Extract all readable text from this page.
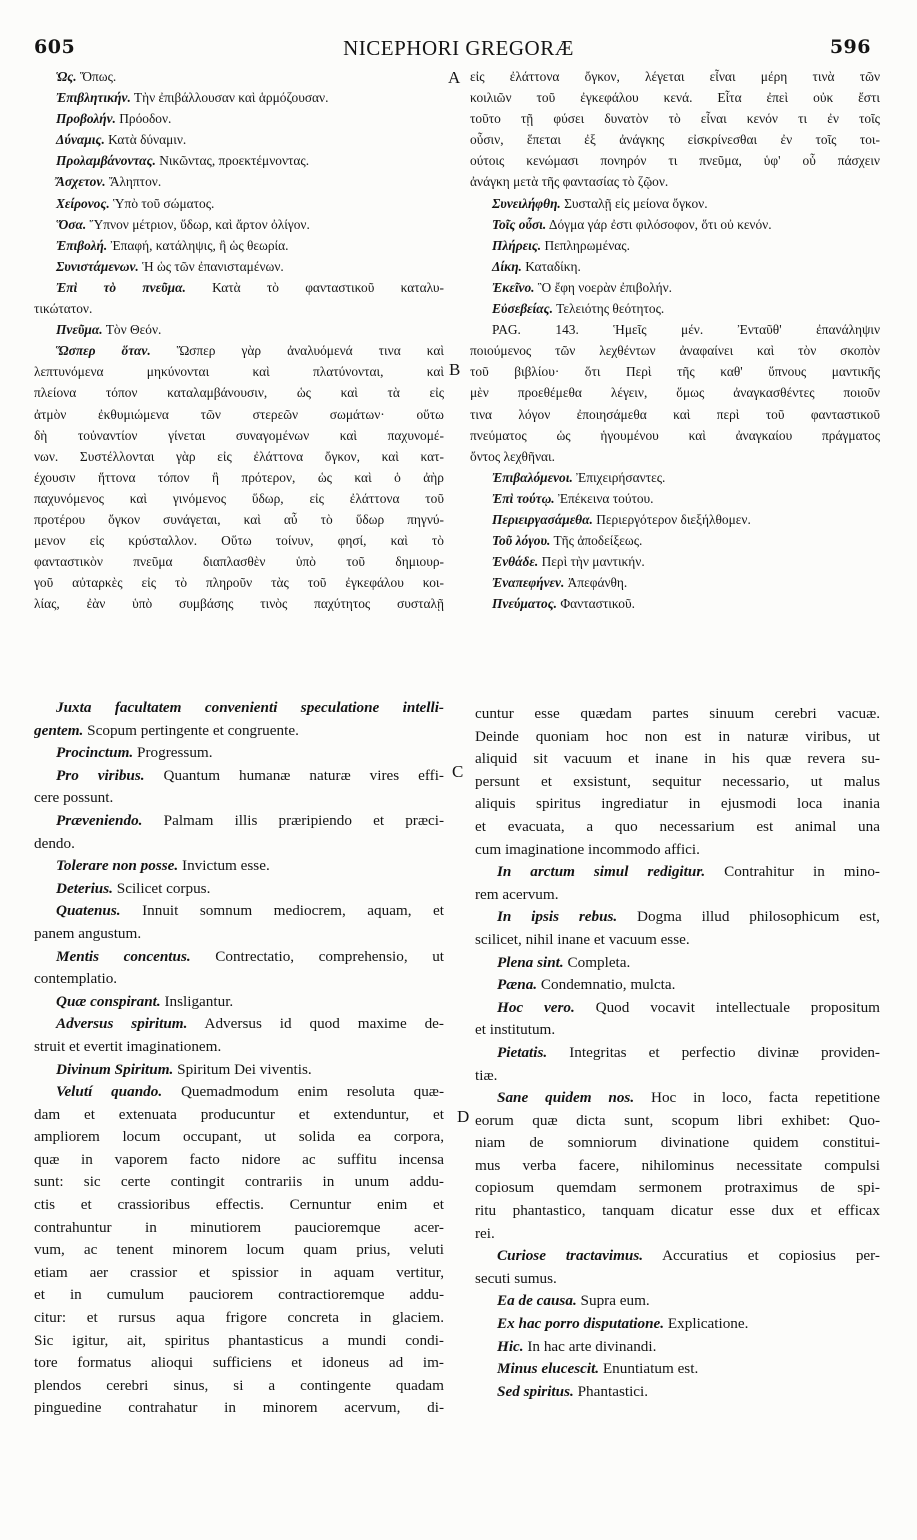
605	NICEPHORI GREGORÆ	596
Ὡς. Ὅπως.
Ἐπιβλητικήν. Τὴν ἐπιβάλλουσαν καὶ ἁρμόζουσαν.
Προβολήν. Πρόοδον.
Δύναμις. Κατὰ δύναμιν.
Προλαμβάνοντας. Νικῶντας, προεκτέμνοντας.
Ἄσχετον. Ἄληπτον.
Χείρονος. Ὑπὸ τοῦ σώματος.
Ὅσα. Ὕπνον μέτριον, ὕδωρ, καὶ ἄρτον ὀλίγον.
Ἐπιβολή. Ἐπαφή, κατάληψις, ἢ ὡς θεωρία.
Συνιστάμενων. Ἡ ὡς τῶν ἐπανισταμένων.
Ἐπὶ τὸ πνεῦμα. Κατὰ τὸ φανταστικοῦ καταλυ-
τικώτατον.
Πνεῦμα. Τὸν Θεόν.
Ὥσπερ ὅταν. Ὥσπερ γὰρ ἀναλυόμενά τινα καὶ
λεπτυνόμενα μηκύνονται καὶ πλατύνονται, καὶ
πλείονα τόπον καταλαμβάνουσιν, ὡς καὶ τὰ εἰς
ἀτμὸν ἐκθυμιώμενα τῶν στερεῶν σωμάτων· οὕτω
δὴ τοὐναντίον γίνεται συναγομένων καὶ παχυνομέ-
νων. Συστέλλονται γὰρ εἰς ἐλάττονα ὄγκον, καὶ κατ-
έχουσιν ἥττονα τόπον ἢ πρότερον, ὡς καὶ ὁ ἀὴρ
παχυνόμενος καὶ γινόμενος ὕδωρ, εἰς ἐλάττονα τοῦ
προτέρου ὄγκον συνάγεται, καὶ αὖ τὸ ὕδωρ πηγνύ-
μενον εἰς κρύσταλλον. Οὕτω τοίνυν, φησί, καὶ τὸ
φανταστικὸν πνεῦμα διαπλασθὲν ὑπὸ τοῦ δημιουρ-
γοῦ αὐταρκὲς εἰς τὸ πληροῦν τὰς τοῦ ἐγκεφάλου κοι-
λίας, ἐὰν ὑπὸ συμβάσης τινὸς παχύτητος συσταλῇ
εἰς ἐλάττονα ὄγκον, λέγεται εἶναι μέρη τινὰ τῶν
κοιλιῶν τοῦ ἐγκεφάλου κενά. Εἶτα ἐπεὶ οὐκ ἔστι
τοῦτο τῇ φύσει δυνατὸν τὸ εἶναι κενόν τι ἐν τοῖς
οὖσιν, ἕπεται ἐξ ἀνάγκης εἰσκρίνεσθαι ἐν τοῖς τοι-
ούτοις κενώμασι πονηρόν τι πνεῦμα, ὑφ' οὗ πάσχειν
ἀνάγκη μετὰ τῆς φαντασίας τὸ ζῷον.
Συνειλήφθη. Συσταλῇ εἰς μείονα ὄγκον.
Τοῖς οὖσι. Δόγμα γάρ ἐστι φιλόσοφον, ὅτι οὐ κενόν.
Πλήρεις. Πεπληρωμένας.
Δίκη. Καταδίκη.
Ἐκεῖνο. Ὃ ἔφη νοερὰν ἐπιβολήν.
Εὐσεβείας. Τελειότης θεότητος.
PAG. 143. Ἡμεῖς μέν. Ἐνταῦθ' ἐπανάληψιν
ποιούμενος τῶν λεχθέντων ἀναφαίνει καὶ τὸν σκοπὸν
τοῦ βιβλίου· ὅτι Περὶ τῆς καθ' ὕπνους μαντικῆς
μὲν προεθέμεθα λέγειν, ὅμως ἀναγκασθέντες ποιοῦν
τινα λόγον ἐποιησάμεθα καὶ περὶ τοῦ φανταστικοῦ
πνεύματος ὡς ἡγουμένου καὶ ἀναγκαίου πράγματος
ὄντος λεχθῆναι.
Ἐπιβαλόμενοι. Ἐπιχειρήσαντες.
Ἐπὶ τούτῳ. Ἐπέκεινα τούτου.
Περιειργασάμεθα. Περιεργότερον διεξήλθομεν.
Τοῦ λόγου. Τῆς ἀποδείξεως.
Ἐνθάδε. Περὶ τὴν μαντικήν.
Ἐναπεφήνεν. Ἀπεφάνθη.
Πνεύματος. Φανταστικοῦ.
Juxta facultatem convenienti speculatione intelli-
gentem. Scopum pertingente et congruente.
Procinctum. Progressum.
Pro viribus. Quantum humanæ naturæ vires effi-
cere possunt.
Præveniendo. Palmam illis præripiendo et præci-
dendo.
Tolerare non posse. Invictum esse.
Deterius. Scilicet corpus.
Quatenus. Innuit somnum mediocrem, aquam, et
panem angustum.
Mentis concentus. Contrectatio, comprehensio, ut
contemplatio.
Quæ conspirant. Insligantur.
Adversus spiritum. Adversus id quod maxime de-
struit et evertit imaginationem.
Divinum Spiritum. Spiritum Dei viventis.
Velutí quando. Quemadmodum enim resoluta quæ-
dam et extenuata producuntur et extenduntur, et
ampliorem locum occupant, ut solida ea corpora,
quæ in vaporem facto nidore ac suffitu incensa
sunt: sic certe contingit contrariis in unum addu-
ctis et crassioribus effectis. Cernuntur enim et
contrahuntur in minutiorem paucioremque acer-
vum, ac tenent minorem locum quam prius, veluti
etiam aer crassior et spissior in aquam vertitur,
et in cumulum pauciorem contractioremque addu-
citur: et rursus aqua frigore concreta in glaciem.
Sic igitur, ait, spiritus phantasticus a mundi condi-
tore formatus alioqui sufficiens et idoneus ad im-
plendos cerebri sinus, si a contingente quadam
pinguedine contrahatur in minorem acervum, di-
cuntur esse quædam partes sinuum cerebri vacuæ.
Deinde quoniam hoc non est in naturæ viribus, ut
aliquid sit vacuum et inane in his quæ revera su-
persunt et exsistunt, sequitur necessario, ut malus
aliquis spiritus ingrediatur in ejusmodi loca inania
et evacuata, a quo necessarium est animal una
cum imaginatione incommodo affici.
In arctum simul redigitur. Contrahitur in mino-
rem acervum.
In ipsis rebus. Dogma illud philosophicum est,
scilicet, nihil inane et vacuum esse.
Plena sint. Completa.
Pæna. Condemnatio, mulcta.
Hoc vero. Quod vocavit intellectuale propositum
et institutum.
Pietatis. Integritas et perfectio divinæ providen-
tiæ.
Sane quidem nos. Hoc in loco, facta repetitione
eorum quæ dicta sunt, scopum libri exhibet: Quo-
niam de somniorum divinatione quidem constitui-
mus verba facere, nihilominus necessitate compulsi
copiosum quemdam sermonem protraximus de spi-
ritu phantastico, tanquam dicatur esse dux et efficax
rei.
Curiose tractavimus. Accuratius et copiosius per-
secuti sumus.
Ea de causa. Supra eum.
Ex hac porro disputatione. Explicatione.
Hic. In hac arte divinandi.
Minus elucescit. Enuntiatum est.
Sed spiritus. Phantastici.
A
B
C
D
